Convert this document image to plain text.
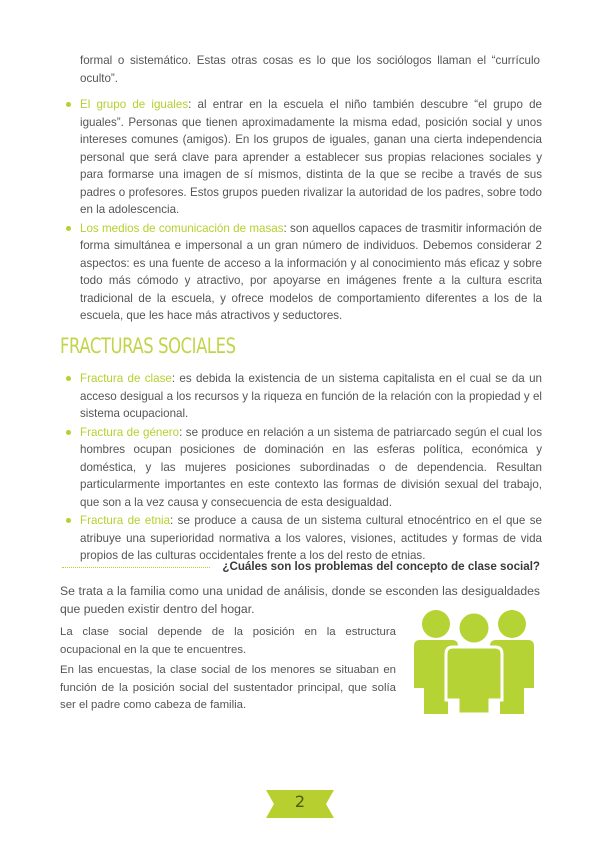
formal o sistemático. Estas otras cosas es lo que los sociólogos llaman el “currículo oculto”.

El grupo de iguales: al entrar en la escuela el niño también descubre “el grupo de iguales”. Personas que tienen aproximadamente la misma edad, posición social y unos intereses comunes (amigos). En los grupos de iguales, ganan una cierta independencia personal que será clave para aprender a establecer sus propias relaciones sociales y para formarse una imagen de sí mismos, distinta de la que se recibe a través de sus padres o profesores. Estos grupos pueden rivalizar la autoridad de los padres, sobre todo en la adolescencia.
Los medios de comunicación de masas: son aquellos capaces de trasmitir información de forma simultánea e impersonal a un gran número de individuos. Debemos considerar 2 aspectos: es una fuente de acceso a la información y al conocimiento más eficaz y sobre todo más cómodo y atractivo, por apoyarse en imágenes frente a la cultura escrita tradicional de la escuela, y ofrece modelos de comportamiento diferentes a los de la escuela, que les hace más atractivos y seductores.
FRACTURAS SOCIALES
Fractura de clase: es debida la existencia de un sistema capitalista en el cual se da un acceso desigual a los recursos y la riqueza en función de la relación con la propiedad y el sistema ocupacional.
Fractura de género: se produce en relación a un sistema de patriarcado según el cual los hombres ocupan posiciones de dominación en las esferas política, económica y doméstica, y las mujeres posiciones subordinadas o de dependencia. Resultan particularmente importantes en este contexto las formas de división sexual del trabajo, que son a la vez causa y consecuencia de esta desigualdad.
Fractura de etnia: se produce a causa de un sistema cultural etnocéntrico en el que se atribuye una superioridad normativa a los valores, visiones, actitudes y formas de vida propios de las culturas occidentales frente a los del resto de etnias.
¿Cuáles son los problemas del concepto de clase social?

Se trata a la familia como una unidad de análisis, donde se esconden las desigualdades que pueden existir dentro del hogar.

La clase social depende de la posición en la estructura ocupacional en la que te encuentres.

En las encuestas, la clase social de los menores se situaban en función de la posición social del sustentador principal, que solía ser el padre como cabeza de familia.

2
